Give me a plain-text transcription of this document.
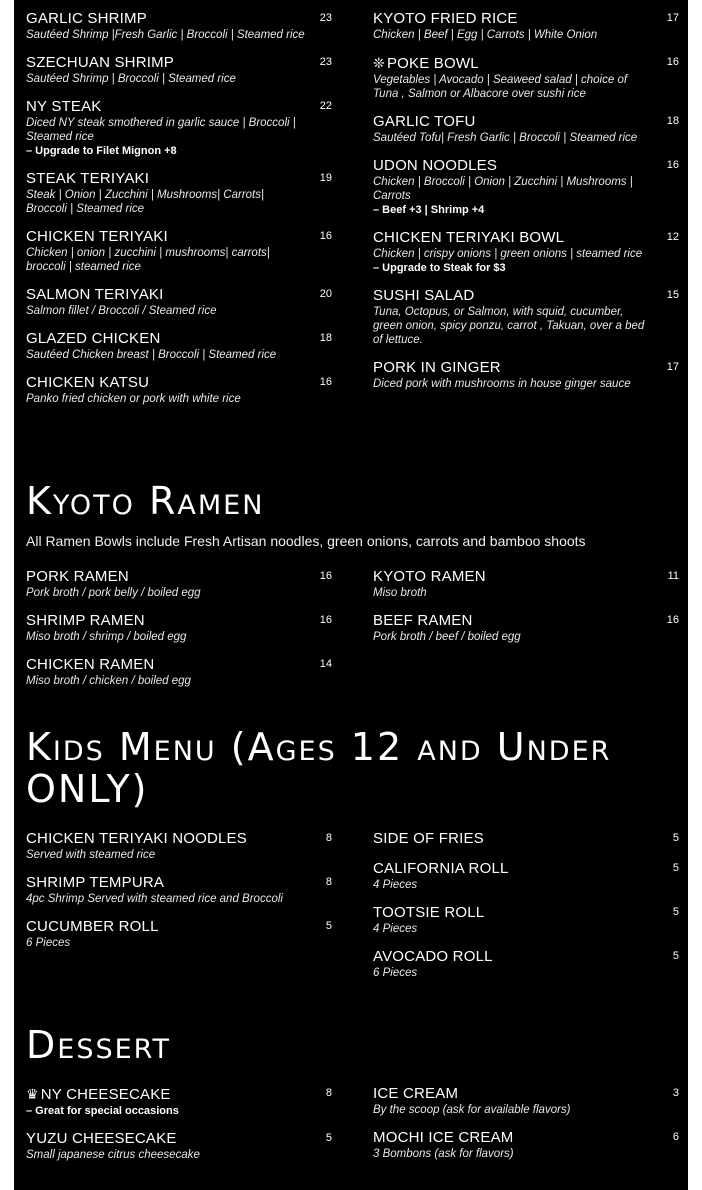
GARLIC SHRIMP	23
Sautéed Shrimp |Fresh Garlic | Broccoli | Steamed rice
SZECHUAN SHRIMP	23
Sautéed Shrimp | Broccoli | Steamed rice
NY STEAK	22
Diced NY steak smothered in garlic sauce | Broccoli | Steamed rice
– Upgrade to Filet Mignon +8
STEAK TERIYAKI	19
Steak | Onion | Zucchini | Mushrooms| Carrots| Broccoli | Steamed rice
CHICKEN TERIYAKI	16
Chicken | onion | zucchini | mushrooms| carrots| broccoli | steamed rice
SALMON TERIYAKI	20
Salmon fillet / Broccoli / Steamed rice
GLAZED CHICKEN	18
Sautéed Chicken breast | Broccoli | Steamed rice
CHICKEN KATSU	16
Panko fried chicken or pork with white rice
KYOTO FRIED RICE	17
Chicken | Beef | Egg | Carrots | White Onion
❊ POKE BOWL	16
Vegetables | Avocado | Seaweed salad | choice of Tuna , Salmon or Albacore over sushi rice
GARLIC TOFU	18
Sautéed Tofu| Fresh Garlic | Broccoli | Steamed rice
UDON NOODLES	16
Chicken | Broccoli | Onion | Zucchini | Mushrooms | Carrots
– Beef +3 | Shrimp +4
CHICKEN TERIYAKI BOWL	12
Chicken | crispy onions | green onions | steamed rice
– Upgrade to Steak for $3
SUSHI SALAD	15
Tuna, Octopus, or Salmon, with squid, cucumber, green onion, spicy ponzu, carrot , Takuan, over a bed of lettuce.
PORK IN GINGER	17
Diced pork with mushrooms in house ginger sauce
Kyoto Ramen
All Ramen Bowls include Fresh Artisan noodles, green onions, carrots and bamboo shoots
PORK RAMEN	16
Pork broth / pork belly / boiled egg
SHRIMP RAMEN	16
Miso broth / shrimp / boiled egg
CHICKEN RAMEN	14
Miso broth / chicken / boiled egg
KYOTO RAMEN	11
Miso broth
BEEF RAMEN	16
Pork broth / beef / boiled egg
Kids Menu (Ages 12 and Under ONLY)
CHICKEN TERIYAKI NOODLES	8
Served with steamed rice
SHRIMP TEMPURA	8
4pc Shrimp Served with steamed rice and Broccoli
CUCUMBER ROLL	5
6 Pieces
SIDE OF FRIES	5
CALIFORNIA ROLL	5
4 Pieces
TOOTSIE ROLL	5
4 Pieces
AVOCADO ROLL	5
6 Pieces
Dessert
♛ NY CHEESECAKE	8
– Great for special occasions
YUZU CHEESECAKE	5
Small japanese citrus cheesecake
ICE CREAM	3
By the scoop (ask for available flavors)
MOCHI ICE CREAM	6
3 Bombons (ask for flavors)
